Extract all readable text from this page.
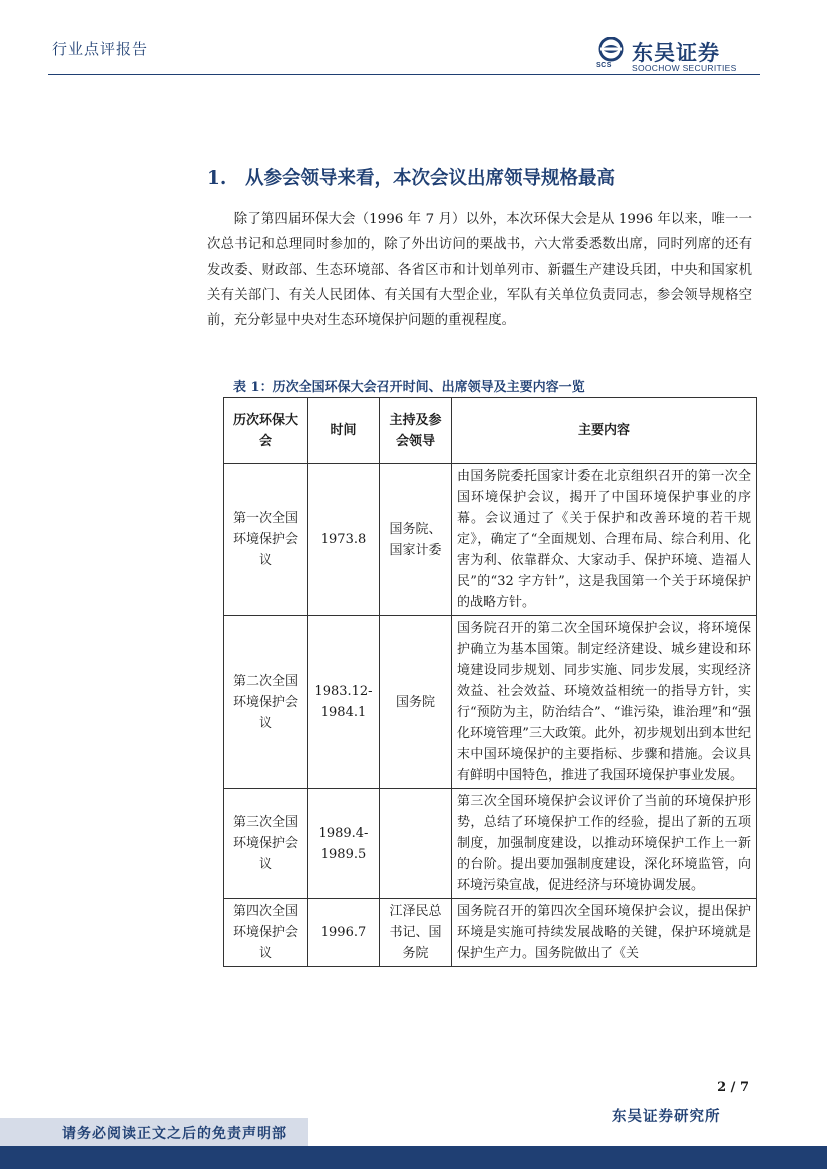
行业点评报告
SCS
东吴证券
SOOCHOW SECURITIES
1. 从参会领导来看，本次会议出席领导规格最高

除了第四届环保大会（1996 年 7 月）以外，本次环保大会是从 1996 年以来，唯一一次总书记和总理同时参加的，除了外出访问的栗战书，六大常委悉数出席，同时列席的还有发改委、财政部、生态环境部、各省区市和计划单列市、新疆生产建设兵团，中央和国家机关有关部门、有关人民团体、有关国有大型企业，军队有关单位负责同志，参会领导规格空前，充分彰显中央对生态环境保护问题的重视程度。

表 1：历次全国环保大会召开时间、出席领导及主要内容一览
历次环保大会	时间	主持及参会领导	主要内容
第一次全国环境保护会议	1973.8	国务院、国家计委	由国务院委托国家计委在北京组织召开的第一次全国环境保护会议，揭开了中国环境保护事业的序幕。会议通过了《关于保护和改善环境的若干规定》，确定了“全面规划、合理布局、综合利用、化害为利、依靠群众、大家动手、保护环境、造福人民”的“32 字方针”，这是我国第一个关于环境保护的战略方针。
第二次全国环境保护会议	1983.12-1984.1	国务院	国务院召开的第二次全国环境保护会议，将环境保护确立为基本国策。制定经济建设、城乡建设和环境建设同步规划、同步实施、同步发展，实现经济效益、社会效益、环境效益相统一的指导方针，实行“预防为主，防治结合”、“谁污染，谁治理”和“强化环境管理”三大政策。此外，初步规划出到本世纪末中国环境保护的主要指标、步骤和措施。会议具有鲜明中国特色，推进了我国环境保护事业发展。
第三次全国环境保护会议	1989.4-1989.5		第三次全国环境保护会议评价了当前的环境保护形势，总结了环境保护工作的经验，提出了新的五项制度，加强制度建设，以推动环境保护工作上一新的台阶。提出要加强制度建设，深化环境监管，向环境污染宣战，促进经济与环境协调发展。
第四次全国环境保护会议	1996.7	江泽民总书记、国务院	国务院召开的第四次全国环境保护会议，提出保护环境是实施可持续发展战略的关键，保护环境就是保护生产力。国务院做出了《关
2 / 7
东吴证券研究所
请务必阅读正文之后的免责声明部
